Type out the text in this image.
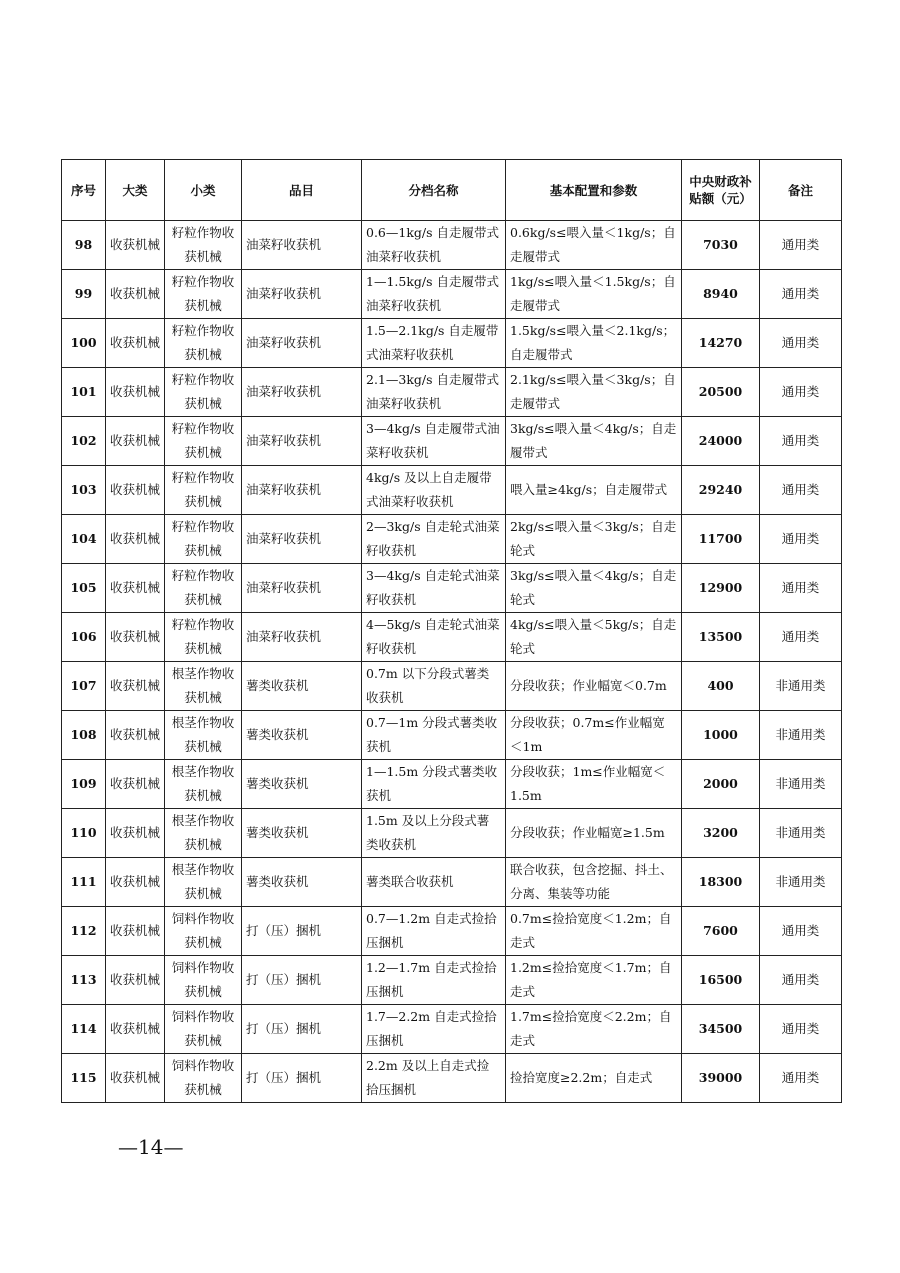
序号	大类	小类	品目	分档名称	基本配置和参数	中央财政补贴额（元）	备注
98	收获机械	籽粒作物收获机械	油菜籽收获机	0.6—1kg/s 自走履带式油菜籽收获机	0.6kg/s≤喂入量＜1kg/s；自走履带式	7030	通用类
99	收获机械	籽粒作物收获机械	油菜籽收获机	1—1.5kg/s 自走履带式油菜籽收获机	1kg/s≤喂入量＜1.5kg/s；自走履带式	8940	通用类
100	收获机械	籽粒作物收获机械	油菜籽收获机	1.5—2.1kg/s 自走履带式油菜籽收获机	1.5kg/s≤喂入量＜2.1kg/s；自走履带式	14270	通用类
101	收获机械	籽粒作物收获机械	油菜籽收获机	2.1—3kg/s 自走履带式油菜籽收获机	2.1kg/s≤喂入量＜3kg/s；自走履带式	20500	通用类
102	收获机械	籽粒作物收获机械	油菜籽收获机	3—4kg/s 自走履带式油菜籽收获机	3kg/s≤喂入量＜4kg/s；自走履带式	24000	通用类
103	收获机械	籽粒作物收获机械	油菜籽收获机	4kg/s 及以上自走履带式油菜籽收获机	喂入量≥4kg/s；自走履带式	29240	通用类
104	收获机械	籽粒作物收获机械	油菜籽收获机	2—3kg/s 自走轮式油菜籽收获机	2kg/s≤喂入量＜3kg/s；自走轮式	11700	通用类
105	收获机械	籽粒作物收获机械	油菜籽收获机	3—4kg/s 自走轮式油菜籽收获机	3kg/s≤喂入量＜4kg/s；自走轮式	12900	通用类
106	收获机械	籽粒作物收获机械	油菜籽收获机	4—5kg/s 自走轮式油菜籽收获机	4kg/s≤喂入量＜5kg/s；自走轮式	13500	通用类
107	收获机械	根茎作物收获机械	薯类收获机	0.7m 以下分段式薯类收获机	分段收获；作业幅宽＜0.7m	400	非通用类
108	收获机械	根茎作物收获机械	薯类收获机	0.7—1m 分段式薯类收获机	分段收获；0.7m≤作业幅宽＜1m	1000	非通用类
109	收获机械	根茎作物收获机械	薯类收获机	1—1.5m 分段式薯类收获机	分段收获；1m≤作业幅宽＜1.5m	2000	非通用类
110	收获机械	根茎作物收获机械	薯类收获机	1.5m 及以上分段式薯类收获机	分段收获；作业幅宽≥1.5m	3200	非通用类
111	收获机械	根茎作物收获机械	薯类收获机	薯类联合收获机	联合收获，包含挖掘、抖土、分离、集装等功能	18300	非通用类
112	收获机械	饲料作物收获机械	打（压）捆机	0.7—1.2m 自走式捡拾压捆机	0.7m≤捡拾宽度＜1.2m；自走式	7600	通用类
113	收获机械	饲料作物收获机械	打（压）捆机	1.2—1.7m 自走式捡拾压捆机	1.2m≤捡拾宽度＜1.7m；自走式	16500	通用类
114	收获机械	饲料作物收获机械	打（压）捆机	1.7—2.2m 自走式捡拾压捆机	1.7m≤捡拾宽度＜2.2m；自走式	34500	通用类
115	收获机械	饲料作物收获机械	打（压）捆机	2.2m 及以上自走式捡拾压捆机	捡拾宽度≥2.2m；自走式	39000	通用类
—14—
